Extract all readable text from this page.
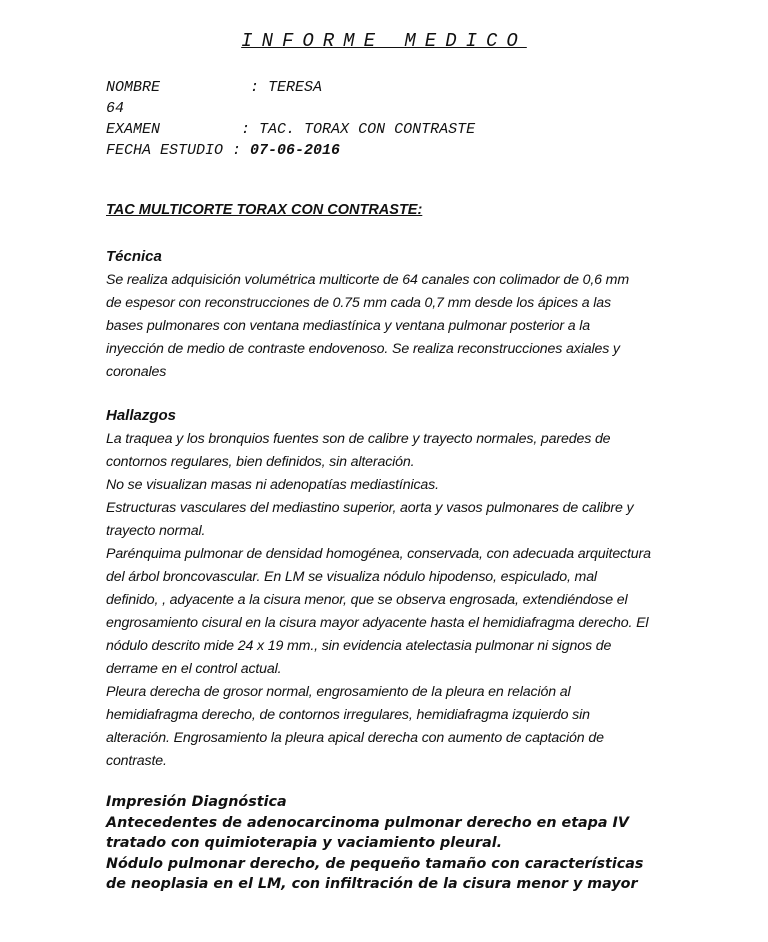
INFORME MEDICO
NOMBRE          : TERESA
64
EXAMEN         : TAC. TORAX CON CONTRASTE
FECHA ESTUDIO : 07-06-2016
TAC MULTICORTE TORAX CON CONTRASTE:
Técnica
Se realiza adquisición volumétrica multicorte de 64 canales con colimador de 0,6 mm
de espesor con reconstrucciones de 0.75 mm cada 0,7 mm desde los ápices a las
bases pulmonares con ventana mediastínica y ventana pulmonar posterior a la
inyección de medio de contraste endovenoso. Se realiza reconstrucciones axiales y
coronales
Hallazgos
La traquea y los bronquios fuentes son de calibre y trayecto normales, paredes de
contornos regulares, bien definidos, sin alteración.
No se visualizan masas ni adenopatías mediastínicas.
Estructuras vasculares del mediastino superior, aorta y vasos pulmonares de calibre y
trayecto normal.
Parénquima pulmonar de densidad homogénea, conservada, con adecuada arquitectura
del árbol broncovascular. En LM se visualiza nódulo hipodenso, espiculado, mal
definido, , adyacente a la cisura menor, que se observa engrosada, extendiéndose el
engrosamiento cisural en la cisura mayor adyacente hasta el hemidiafragma derecho. El
nódulo descrito mide 24 x 19 mm., sin evidencia atelectasia pulmonar ni signos de
derrame en el control actual.
Pleura derecha de grosor normal, engrosamiento de la pleura en relación al
hemidiafragma derecho, de contornos irregulares, hemidiafragma izquierdo sin
alteración. Engrosamiento la pleura apical derecha con aumento de captación de
contraste.
Impresión Diagnóstica
Antecedentes de adenocarcinoma pulmonar derecho en etapa IV
tratado con quimioterapia y vaciamiento pleural.
Nódulo pulmonar derecho, de pequeño tamaño con características
de neoplasia en el LM, con infiltración de la cisura menor y mayor
